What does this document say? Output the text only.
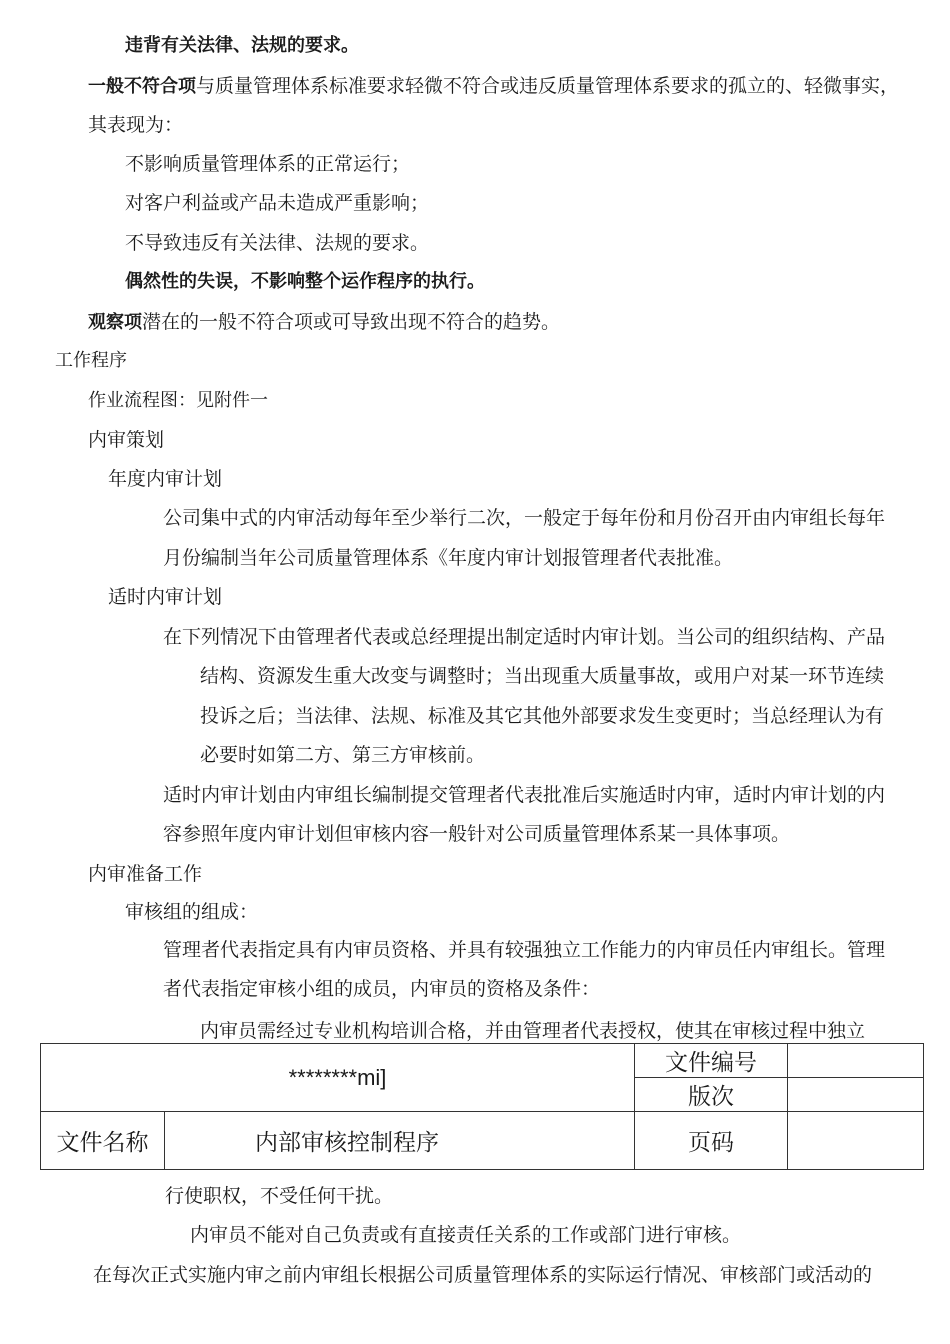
违背有关法律、法规的要求。
一般不符合项与质量管理体系标准要求轻微不符合或违反质量管理体系要求的孤立的、轻微事实，
其表现为：
不影响质量管理体系的正常运行；
对客户利益或产品未造成严重影响；
不导致违反有关法律、法规的要求。
偶然性的失误，不影响整个运作程序的执行。
观察项潜在的一般不符合项或可导致出现不符合的趋势。
工作程序
作业流程图：见附件一
内审策划
年度内审计划
公司集中式的内审活动每年至少举行二次，一般定于每年份和月份召开由内审组长每年
月份编制当年公司质量管理体系《年度内审计划报管理者代表批准。
适时内审计划
在下列情况下由管理者代表或总经理提出制定适时内审计划。当公司的组织结构、产品
结构、资源发生重大改变与调整时；当出现重大质量事故，或用户对某一环节连续
投诉之后；当法律、法规、标准及其它其他外部要求发生变更时；当总经理认为有
必要时如第二方、第三方审核前。
适时内审计划由内审组长编制提交管理者代表批准后实施适时内审，适时内审计划的内
容参照年度内审计划但审核内容一般针对公司质量管理体系某一具体事项。
内审准备工作
审核组的组成：
管理者代表指定具有内审员资格、并具有较强独立工作能力的内审员任内审组长。管理
者代表指定审核小组的成员，内审员的资格及条件：
内审员需经过专业机构培训合格，并由管理者代表授权，使其在审核过程中独立
********mi]		文件编号	
		版次	
文件名称	内部审核控制程序	页码	
行使职权，不受任何干扰。
内审员不能对自己负责或有直接责任关系的工作或部门进行审核。
在每次正式实施内审之前内审组长根据公司质量管理体系的实际运行情况、审核部门或活动的
